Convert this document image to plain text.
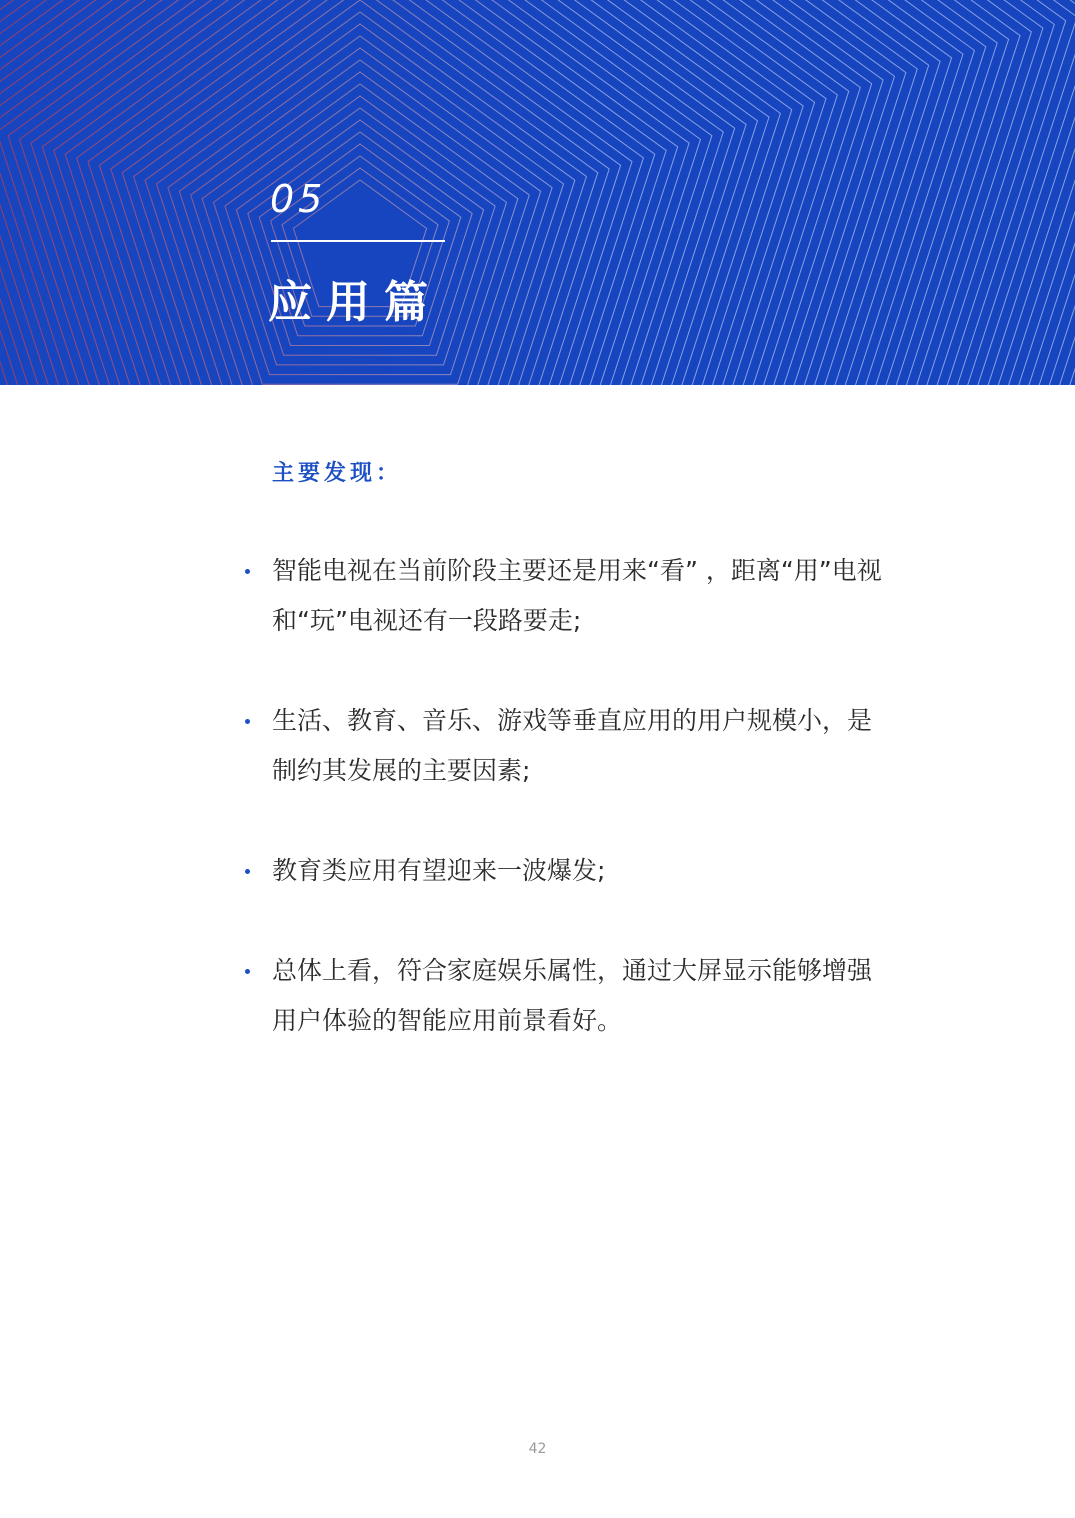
05
应用篇
主要发现：
智能电视在当前阶段主要还是用来“看” ，距离“用”电视和“玩”电视还有一段路要走;
生活、教育、音乐、游戏等垂直应用的用户规模小，是制约其发展的主要因素;
教育类应用有望迎来一波爆发;
总体上看，符合家庭娱乐属性，通过大屏显示能够增强用户体验的智能应用前景看好。
42
